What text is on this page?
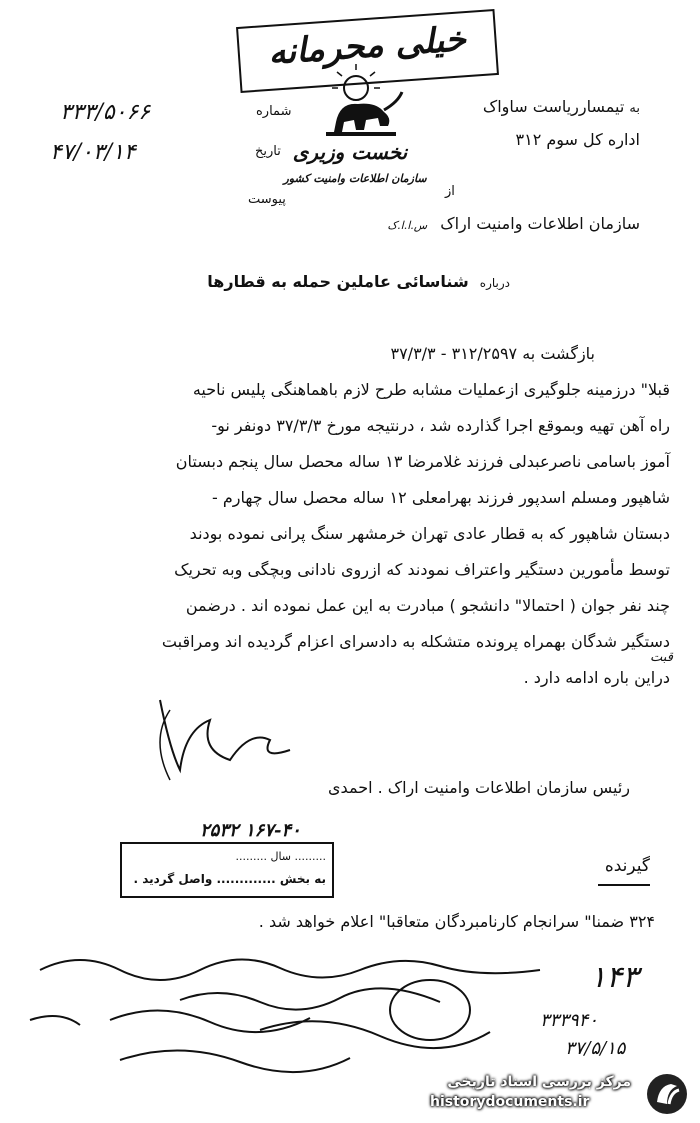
خیلی محرمانه
نخست وزیری
سازمان اطلاعات وامنیت کشور
به تیمسارریاست ساواک
اداره کل سوم ۳۱۲
از
سازمان اطلاعات وامنیت اراک س.ا.ا.ک
۳۳۳/۵۰۶۶	شماره
۴۷/۰۳/۱۴	تاریخ
پیوست
درباره شناسائی عاملین حمله به قطارها
بازگشت به ۳۱۲/۲۵۹۷ - ۳۷/۳/۳
قبلا" درزمینه جلوگیری ازعملیات مشابه طرح لازم باهماهنگی پلیس ناحیه
راه آهن تهیه وبموقع اجرا گذارده شد ، درنتیجه مورخ ۳۷/۳/۳ دونفر نو-
آموز باسامی ناصرعبدلی فرزند غلامرضا ۱۳ ساله محصل سال پنجم دبستان
شاهپور ومسلم اسدپور فرزند بهرامعلی ۱۲ ساله محصل سال چهارم -
دبستان شاهپور که به قطار عادی تهران خرمشهر سنگ پرانی نموده بودند
توسط مأمورین دستگیر واعتراف نمودند که ازروی نادانی وبچگی وبه تحریک
چند نفر جوان ( احتمالا" دانشجو ) مبادرت به این عمل نموده اند . درضمن
دستگیر شدگان بهمراه پرونده متشکله به دادسرای اعزام گردیده اند ومراقبت
دراین باره ادامه دارد .
قبت
رئیس سازمان اطلاعات وامنیت اراک . احمدی
۲۵۳۲ ۱۶۷-۴۰
......... سال .........
به بخش ............. واصل گردید .
گیرنده
۳۲۴ ضمنا" سرانجام کارنامبردگان متعاقبا" اعلام خواهد شد .
... ... ... ... ... ...
۱۴۳
۳۳۳۹۴۰
۳۷/۵/۱۵
مرکز بررسی اسناد تاریخی
historydocuments.ir
